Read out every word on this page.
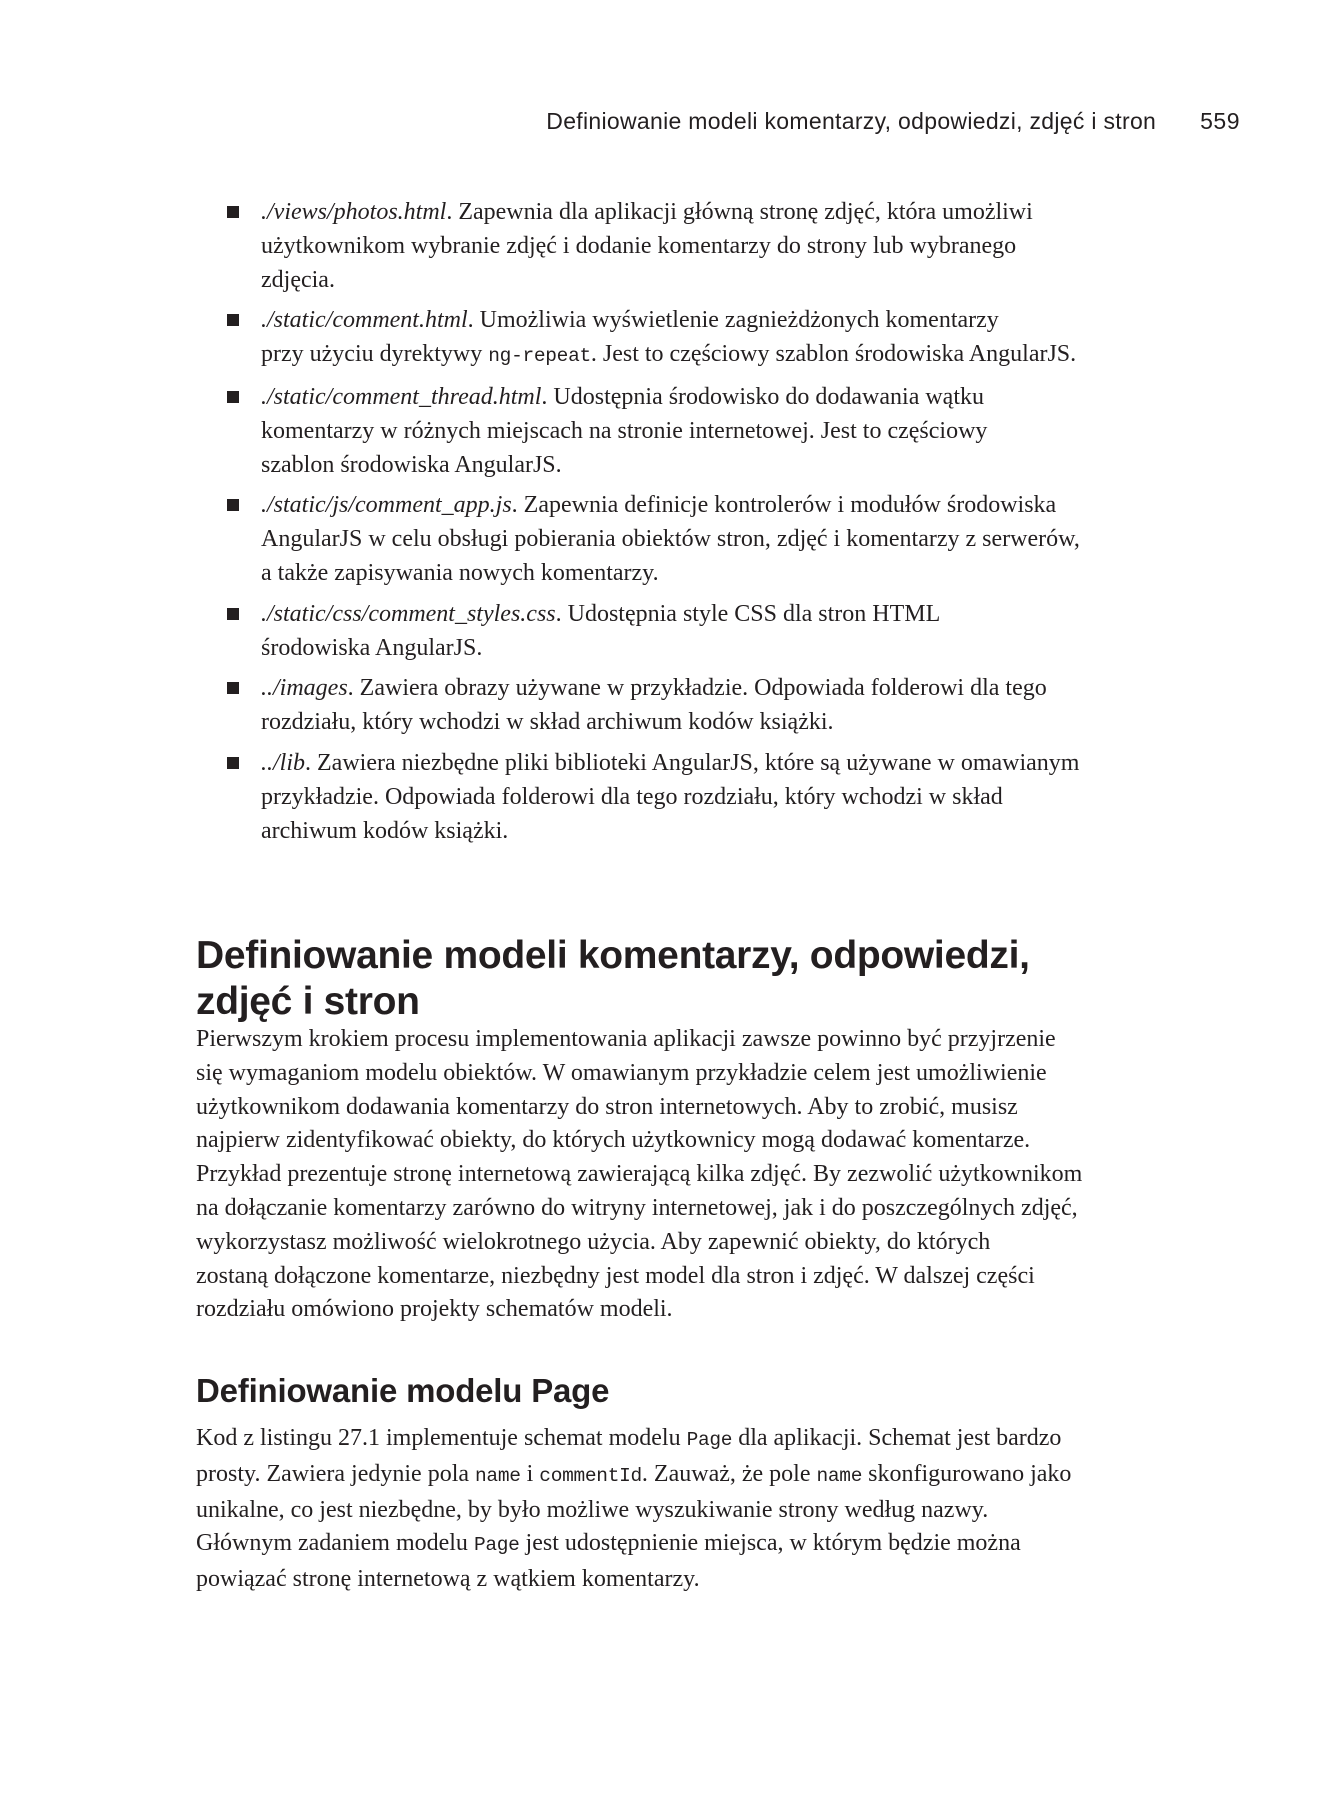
Definiowanie modeli komentarzy, odpowiedzi, zdjęć i stron 559
./views/photos.html. Zapewnia dla aplikacji główną stronę zdjęć, która umożliwi
użytkownikom wybranie zdjęć i dodanie komentarzy do strony lub wybranego
zdjęcia.
./static/comment.html. Umożliwia wyświetlenie zagnieżdżonych komentarzy
przy użyciu dyrektywy ng-repeat. Jest to częściowy szablon środowiska AngularJS.
./static/comment_thread.html. Udostępnia środowisko do dodawania wątku
komentarzy w różnych miejscach na stronie internetowej. Jest to częściowy
szablon środowiska AngularJS.
./static/js/comment_app.js. Zapewnia definicje kontrolerów i modułów środowiska
AngularJS w celu obsługi pobierania obiektów stron, zdjęć i komentarzy z serwerów,
a także zapisywania nowych komentarzy.
./static/css/comment_styles.css. Udostępnia style CSS dla stron HTML
środowiska AngularJS.
../images. Zawiera obrazy używane w przykładzie. Odpowiada folderowi dla tego
rozdziału, który wchodzi w skład archiwum kodów książki.
../lib. Zawiera niezbędne pliki biblioteki AngularJS, które są używane w omawianym
przykładzie. Odpowiada folderowi dla tego rozdziału, który wchodzi w skład
archiwum kodów książki.
Definiowanie modeli komentarzy, odpowiedzi,
zdjęć i stron

Pierwszym krokiem procesu implementowania aplikacji zawsze powinno być przyjrzenie
się wymaganiom modelu obiektów. W omawianym przykładzie celem jest umożliwienie
użytkownikom dodawania komentarzy do stron internetowych. Aby to zrobić, musisz
najpierw zidentyfikować obiekty, do których użytkownicy mogą dodawać komentarze.
Przykład prezentuje stronę internetową zawierającą kilka zdjęć. By zezwolić użytkownikom
na dołączanie komentarzy zarówno do witryny internetowej, jak i do poszczególnych zdjęć,
wykorzystasz możliwość wielokrotnego użycia. Aby zapewnić obiekty, do których
zostaną dołączone komentarze, niezbędny jest model dla stron i zdjęć. W dalszej części
rozdziału omówiono projekty schematów modeli.

Definiowanie modelu Page

Kod z listingu 27.1 implementuje schemat modelu Page dla aplikacji. Schemat jest bardzo
prosty. Zawiera jedynie pola name i commentId. Zauważ, że pole name skonfigurowano jako
unikalne, co jest niezbędne, by było możliwe wyszukiwanie strony według nazwy.
Głównym zadaniem modelu Page jest udostępnienie miejsca, w którym będzie można
powiązać stronę internetową z wątkiem komentarzy.
